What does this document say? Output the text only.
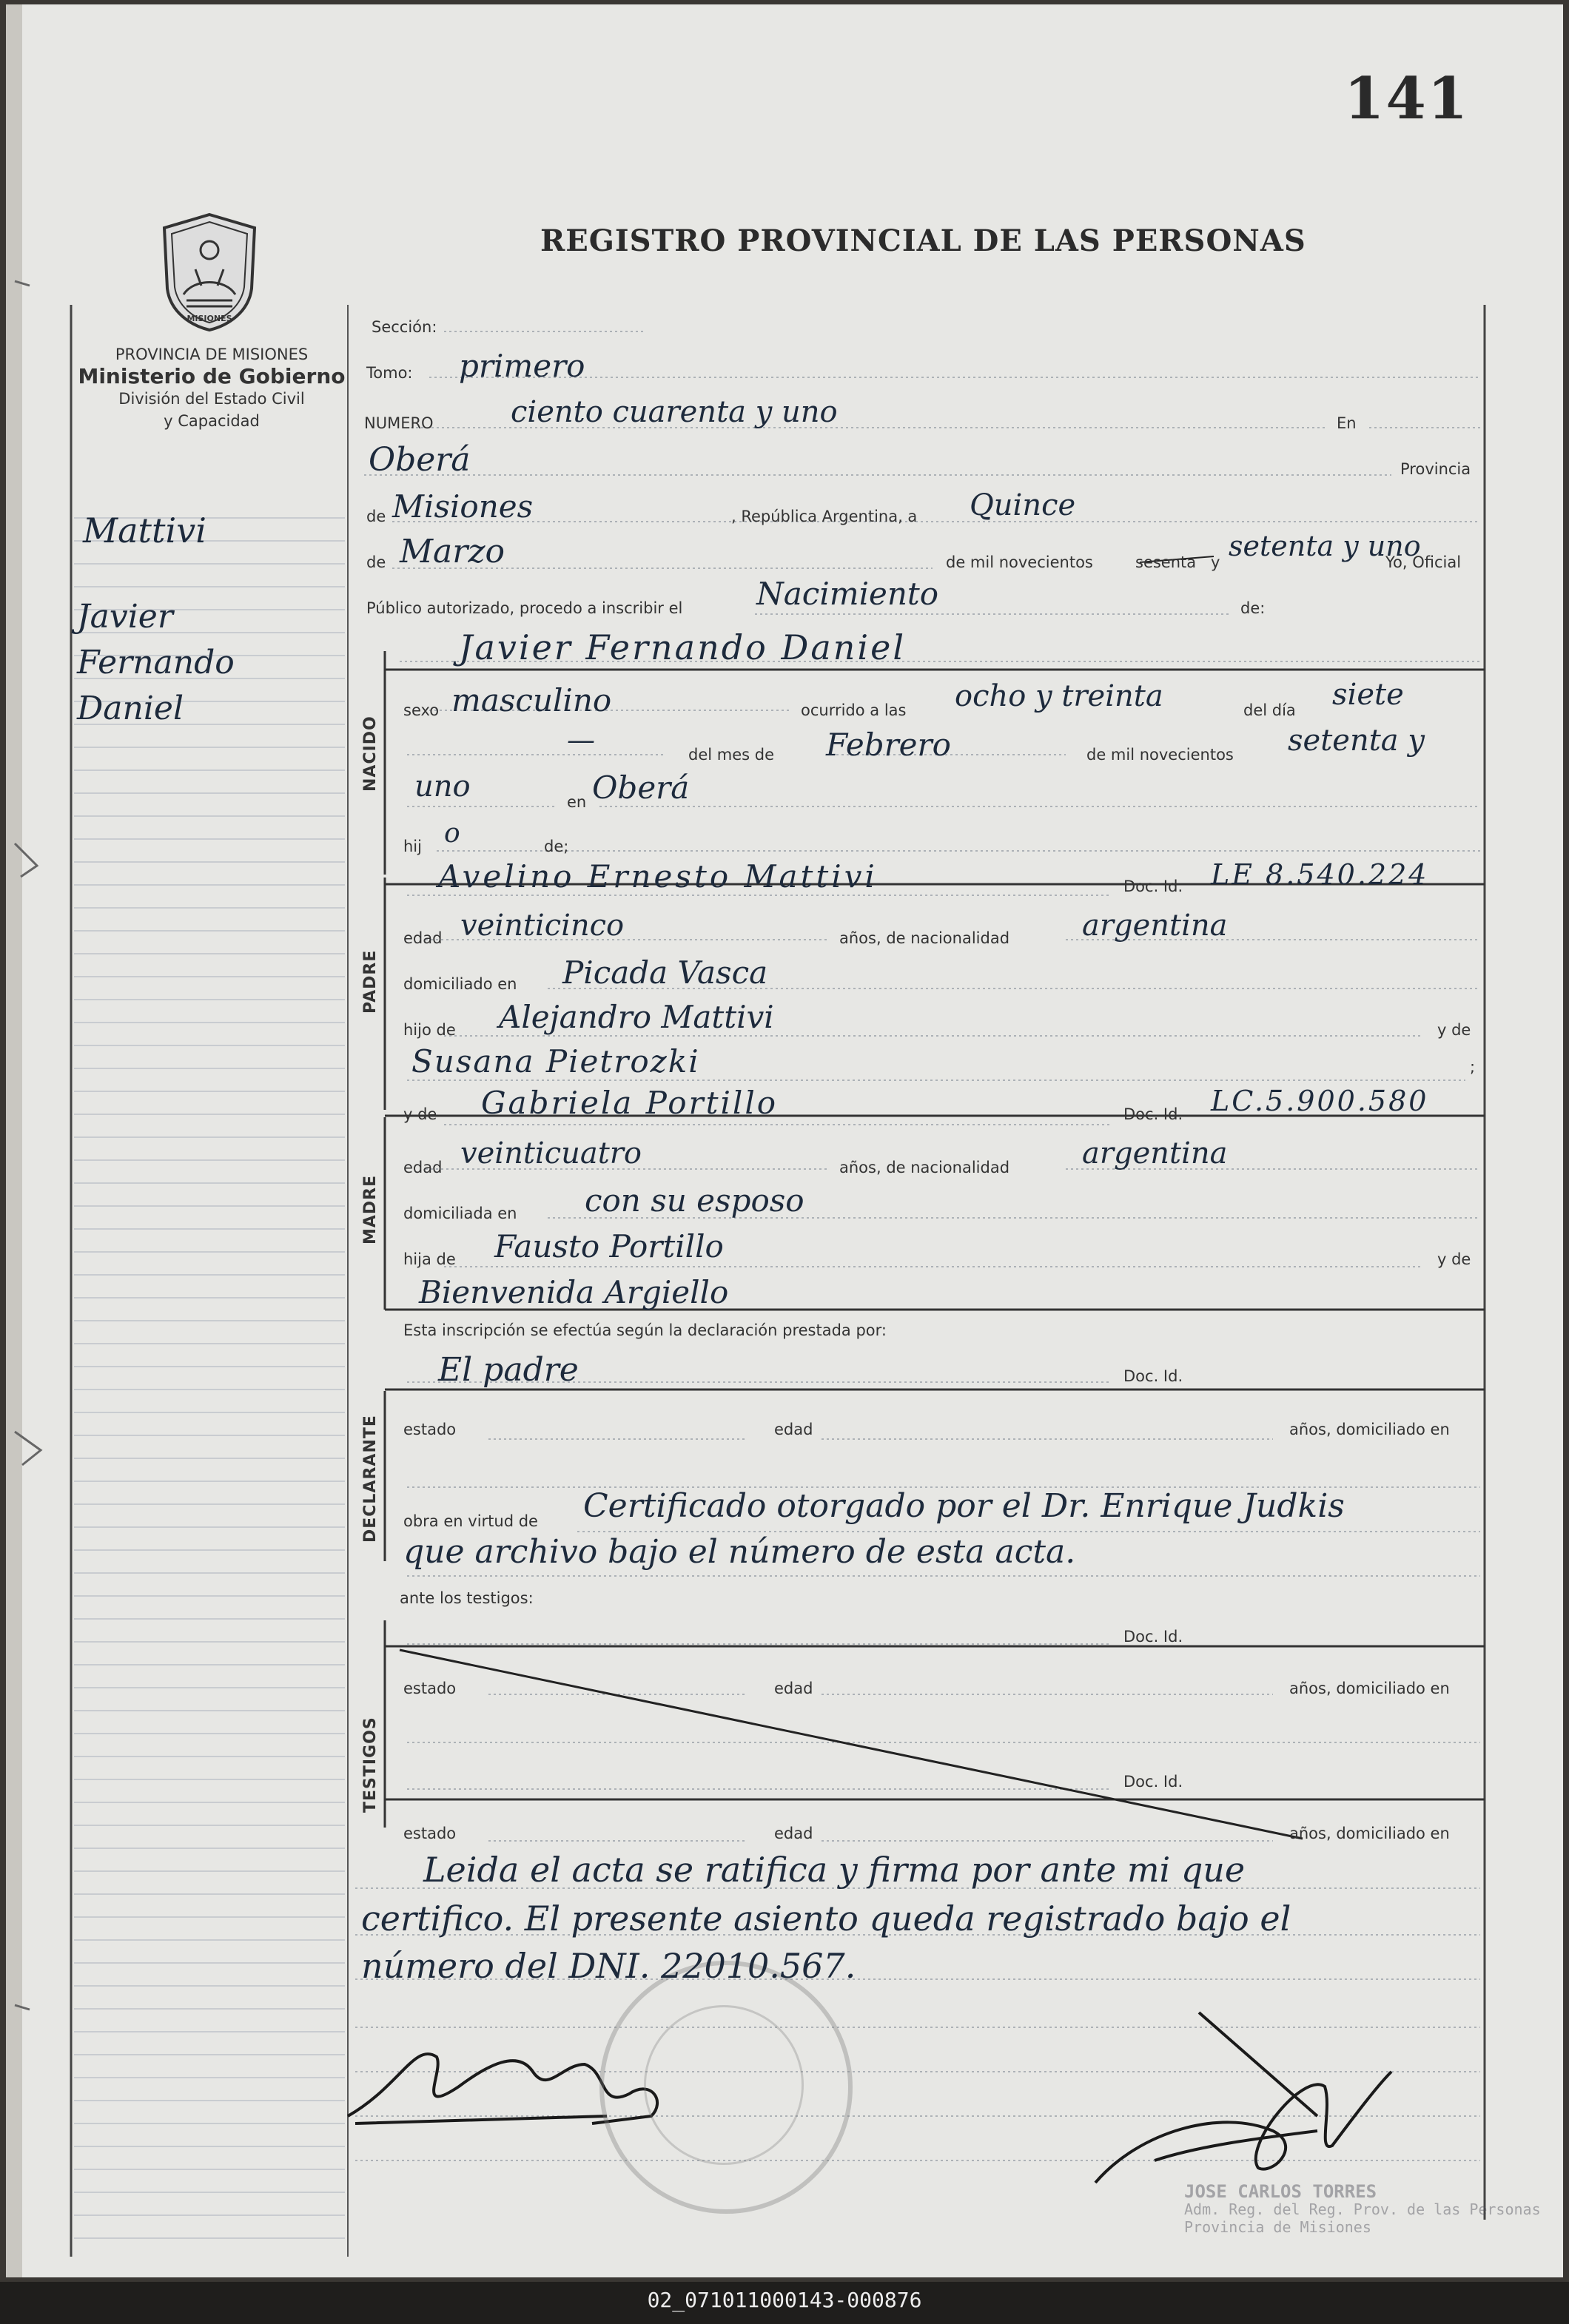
141
REGISTRO PROVINCIAL DE LAS PERSONAS
MISIONES
PROVINCIA DE MISIONES
Ministerio de Gobierno
División del Estado Civil
y Capacidad
Mattivi
Javier
Fernando
Daniel
NACIDO
PADRE
MADRE
DECLARANTE
TESTIGOS
Sección:
Tomo: primero
NUMERO	ciento cuarenta y uno	En
Oberá	Provincia
de Misiones	, República Argentina, a Quince
de Marzo	de mil novecientos	sesenta y setenta y uno
Yo, Oficial
Público autorizado, procedo a inscribir el Nacimiento	de:
Javier Fernando Daniel
sexo masculino	ocurrido a las ocho y treinta	del día siete
—	del mes de Febrero	de mil novecientos setenta y
uno	en Oberá
hij o	de;
Avelino Ernesto Mattivi	Doc. Id. LE 8.540.224
edad veinticinco	años, de nacionalidad argentina
domiciliado en Picada Vasca
hijo de Alejandro Mattivi	y de
Susana Pietrozki	;
y de Gabriela Portillo	Doc. Id. LC.5.900.580
edad veinticuatro	años, de nacionalidad argentina
domiciliada en con su esposo
hija de Fausto Portillo	y de
Bienvenida Argiello
Esta inscripción se efectúa según la declaración prestada por:
El padre	Doc. Id.
estado	edad	años, domiciliado en
obra en virtud de Certificado otorgado por el Dr. Enrique Judkis
que archivo bajo el número de esta acta.
ante los testigos:
Doc. Id.
estado	edad	años, domiciliado en
Doc. Id.
estado	edad	años, domiciliado en
Leida el acta se ratifica y firma por ante mi que
certifico. El presente asiento queda registrado bajo el
número del DNI. 22010.567.
JOSE CARLOS TORRES
Adm. Reg. del Reg. Prov. de las Personas
Provincia de Misiones
02_071011000143-000876
